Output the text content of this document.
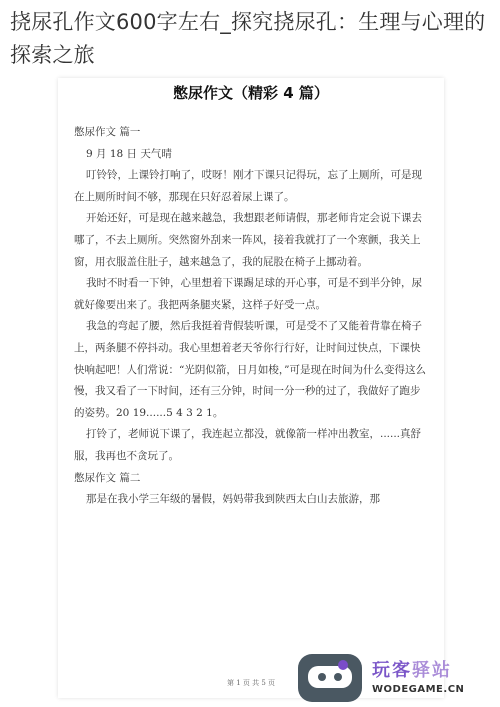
挠尿孔作文600字左右_探究挠尿孔：生理与心理的探索之旅
憋尿作文（精彩 4 篇）

憋尿作文 篇一

9 月 18 日 天气晴

叮铃铃，上课铃打响了，哎呀！刚才下课只记得玩，忘了上厕所，可是现在上厕所时间不够，那现在只好忍着尿上课了。

开始还好，可是现在越来越急，我想跟老师请假，那老师肯定会说下课去哪了，不去上厕所。突然窗外刮来一阵风，接着我就打了一个寒颤，我关上窗，用衣服盖住肚子，越来越急了，我的屁股在椅子上挪动着。

我时不时看一下钟，心里想着下课踢足球的开心事，可是不到半分钟，尿就好像要出来了。我把两条腿夹紧，这样子好受一点。

我急的弯起了腰，然后我挺着背假装听课，可是受不了又能着背靠在椅子上，两条腿不停抖动。我心里想着老天爷你行行好，让时间过快点，下课快快响起吧！人们常说：“光阴似箭，日月如梭，”可是现在时间为什么变得这么慢，我又看了一下时间，还有三分钟，时间一分一秒的过了，我做好了跑步的姿势。20 19......5 4 3 2 1。

打铃了，老师说下课了，我连起立都没，就像箭一样冲出教室，......真舒服，我再也不贪玩了。

憋尿作文 篇二

那是在我小学三年级的暑假，妈妈带我到陕西太白山去旅游，那

第 1 页 共 5 页
玩客驿站
WODEGAME.CN
